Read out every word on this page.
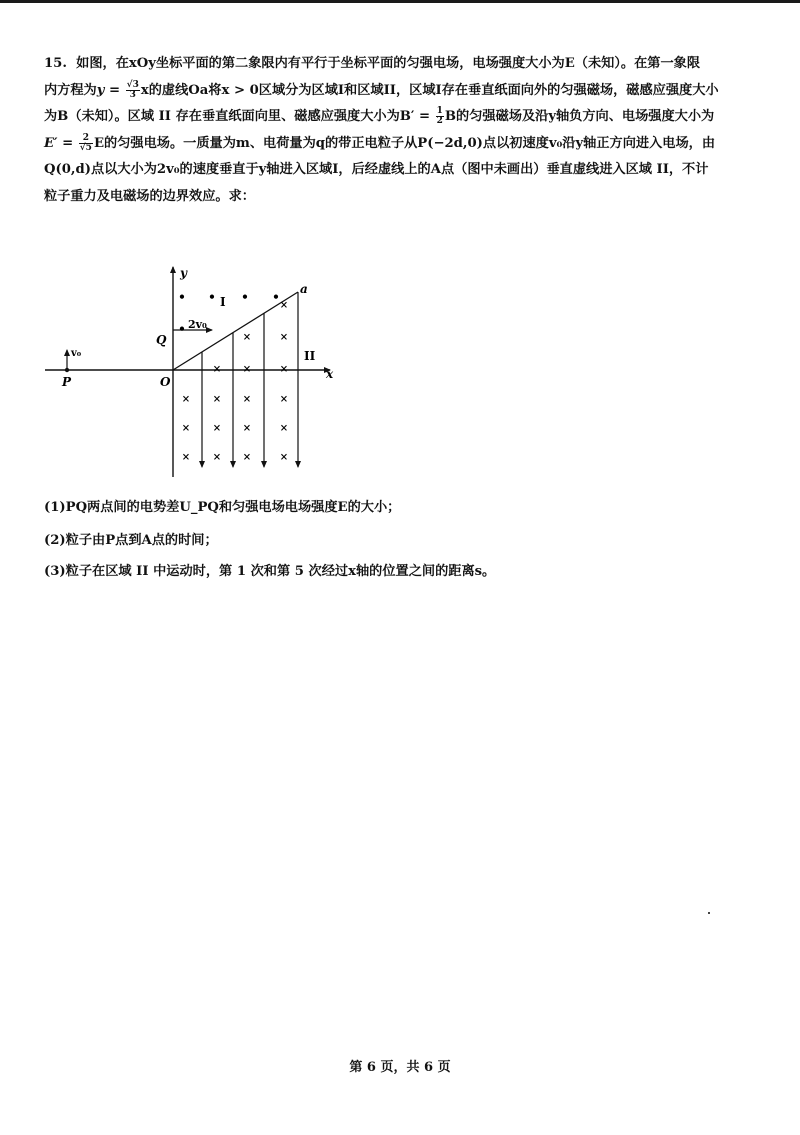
15. 如图，在xOy坐标平面的第二象限内有平行于坐标平面的匀强电场，电场强度大小为E（未知）。在第一象限
内方程为$y = \frac{√3}{3}$ x的虚线Oa将x > 0区域分为区域I和区域II，区域I存在垂直纸面向外的匀强磁场，磁感应强度大小
为B（未知）。区域 II 存在垂直纸面向里、磁感应强度大小为$B' = \frac{1}{2}$ B的匀强磁场及沿y轴负方向、电场强度大小为
$E' = \frac{2}{√5}$ E的匀强电场。一质量为m、电荷量为q的带正电粒子从P(−2d,0)点以初速度v₀沿y轴正方向进入电场，由
Q(0,d)点以大小为2v₀的速度垂直于y轴进入区域I，后经虚线上的A点（图中未画出）垂直虚线进入区域 II，不计
粒子重力及电磁场的边界效应。求：
y
x
O
Q
P
a
I
II
2v₀
v₀
• • • •
•
×
×	×
× ×	×
× × ×	×
× × ×	×
× × ×	×
(1)PQ两点间的电势差U_PQ和匀强电场电场强度E的大小；
(2)粒子由P点到A点的时间；
(3)粒子在区域 II 中运动时，第 1 次和第 5 次经过x轴的位置之间的距离s。
第 6 页，共 6 页
